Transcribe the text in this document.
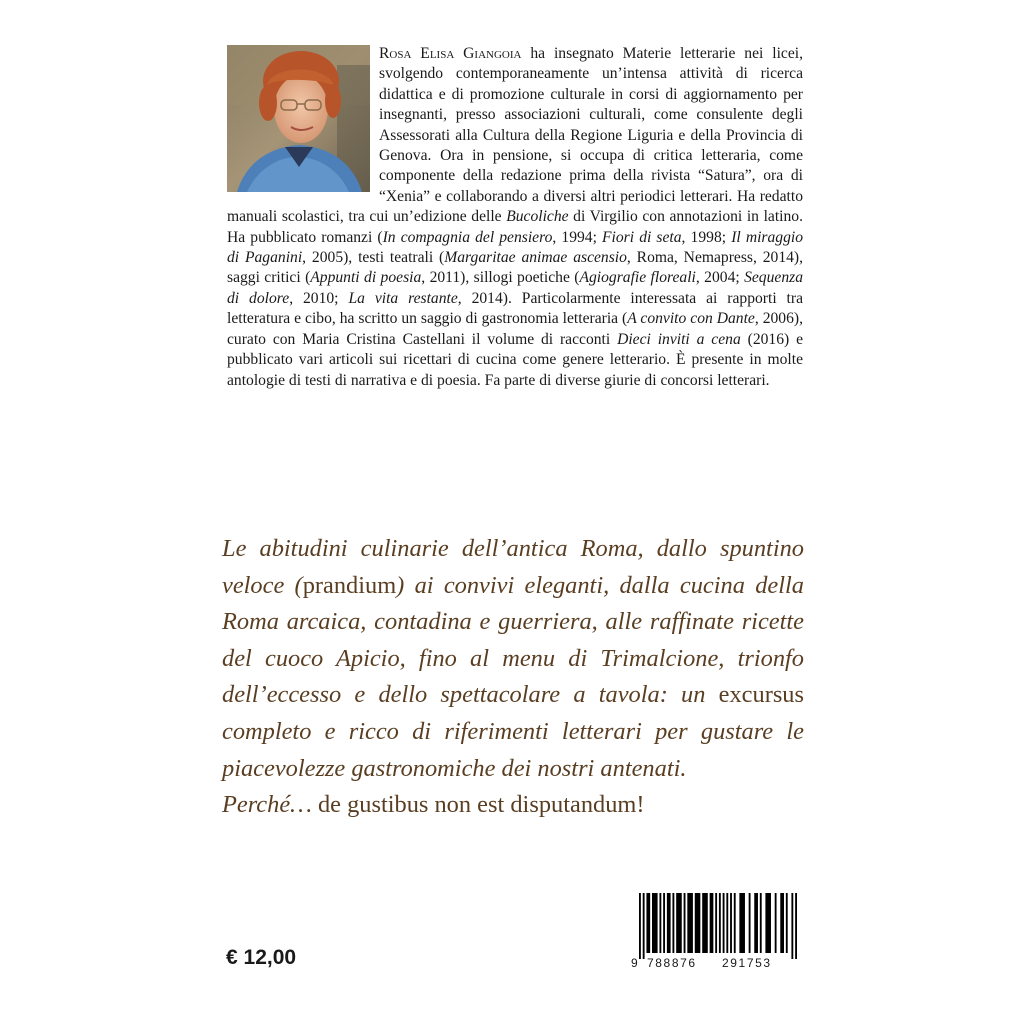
Rosa Elisa Giangoia ha insegnato Materie letterarie nei licei, svolgendo contemporaneamente un’intensa attività di ricerca didattica e di promozione culturale in corsi di aggiornamento per insegnanti, presso associazioni culturali, come consulente degli Assessorati alla Cultura della Regione Liguria e della Provincia di Genova. Ora in pensione, si occupa di critica letteraria, come componente della redazione prima della rivista “Satura”, ora di “Xenia” e collaborando a diversi altri periodici letterari. Ha redatto manuali scolastici, tra cui un’edizione delle Bucoliche di Virgilio con annotazioni in latino. Ha pubblicato romanzi (In compagnia del pensiero, 1994; Fiori di seta, 1998; Il miraggio di Paganini, 2005), testi teatrali (Margaritae animae ascensio, Roma, Nemapress, 2014), saggi critici (Appunti di poesia, 2011), sillogi poetiche (Agiografie floreali, 2004; Sequenza di dolore, 2010; La vita restante, 2014). Particolarmente interessata ai rapporti tra letteratura e cibo, ha scritto un saggio di gastronomia letteraria (A convito con Dante, 2006), curato con Maria Cristina Castellani il volume di racconti Dieci inviti a cena (2016) e pubblicato vari articoli sui ricettari di cucina come genere letterario. È presente in molte antologie di testi di narrativa e di poesia. Fa parte di diverse giurie di concorsi letterari.

Le abitudini culinarie dell’antica Roma, dallo spuntino veloce (prandium) ai convivi eleganti, dalla cucina della Roma arcaica, contadina e guerriera, alle raffinate ricette del cuoco Apicio, fino al menu di Trimalcione, trionfo dell’eccesso e dello spettacolare a tavola: un excursus completo e ricco di riferimenti letterari per gustare le piacevolezze gastronomiche dei nostri antenati.

Perché… de gustibus non est disputandum!

€ 12,00	9 788876 291753
